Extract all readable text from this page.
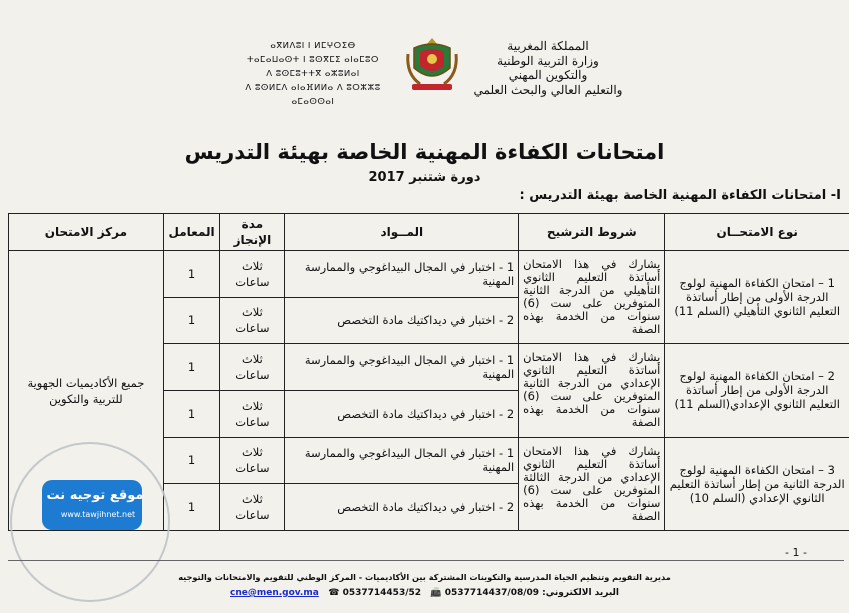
المملكة المغربية
وزارة التربية الوطنية
والتكوين المهني
والتعليم العالي والبحث العلمي
ⴰⴳⵍⴷⵓⵏ ⵏ ⵍⵎⵖⵔⵉⴱ
ⵜⴰⵎⴰⵡⴰⵙⵜ ⵏ ⵓⵙⴳⵎⵉ ⴰⵏⴰⵎⵓⵔ
ⴷ ⵓⵙⵎⵓⵜⵜⴳ ⴰⵣⵓⵍⴰⵏ
ⴷ ⵓⵙⵍⵎⴷ ⴰⵏⴰⴼⵍⵍⴰ ⴷ ⵓⵔⵣⵣⵓ ⴰⵎⴰⵙⵙⴰⵏ
امتحانات الكفاءة المهنية الخاصة بهيئة التدريس
دورة شتنبر 2017
I- امتحانات الكفاءة المهنية الخاصة بهيئة التدريس :
نوع الامتحــان	شروط الترشيح	المــواد	مدة الإنجاز	المعامل	مركز الامتحان
1 – امتحان الكفاءة المهنية لولوج الدرجة الأولى من إطار أساتذة التعليم الثانوي التأهيلي (السلم 11)	يشارك في هذا الامتحان أساتذة التعليم الثانوي التأهيلي من الدرجة الثانية المتوفرين على ست (6) سنوات من الخدمة بهذه الصفة	1 - اختبار في المجال البيداغوجي والممارسة المهنية	ثلاث ساعات	1	جميع الأكاديميات الجهوية للتربية والتكوين
		2 - اختبار في ديداكتيك مادة التخصص	ثلاث ساعات	1	
2 – امتحان الكفاءة المهنية لولوج الدرجة الأولى من إطار أساتذة التعليم الثانوي الإعدادي(السلم 11)	يشارك في هذا الامتحان أساتذة التعليم الثانوي الإعدادي من الدرجة الثانية المتوفرين على ست (6) سنوات من الخدمة بهذه الصفة	1 - اختبار في المجال البيداغوجي والممارسة المهنية	ثلاث ساعات	1	
		2 - اختبار في ديداكتيك مادة التخصص	ثلاث ساعات	1	
3 – امتحان الكفاءة المهنية لولوج الدرجة الثانية من إطار أساتذة التعليم الثانوي الإعدادي (السلم 10)	يشارك في هذا الامتحان أساتذة التعليم الثانوي الإعدادي من الدرجة الثالثة المتوفرين على ست (6) سنوات من الخدمة بهذه الصفة	1 - اختبار في المجال البيداغوجي والممارسة المهنية	ثلاث ساعات	1	
		2 - اختبار في ديداكتيك مادة التخصص	ثلاث ساعات	1	
موقع توجيه نت
www.tawjihnet.net
- 1 -
مديرية التقويم وتنظيم الحياة المدرسية والتكوينات المشتركة بين الأكاديميات - المركز الوطني للتقويم والامتحانات والتوجيه
البريد الالكتروني: cne@men.gov.ma ☎ 0537714453/52 📠 0537714437/08/09
